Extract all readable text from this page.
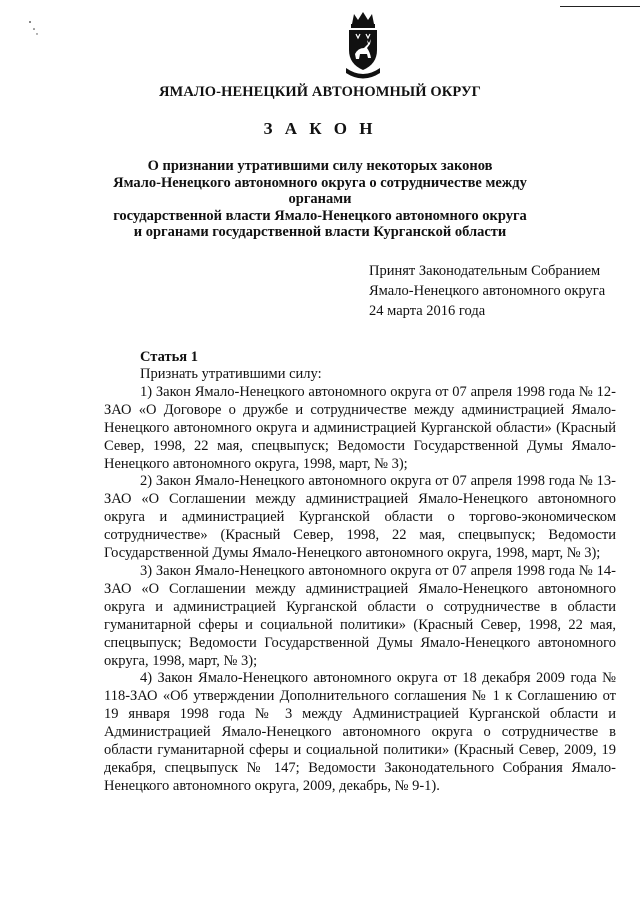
ЯМАЛО-НЕНЕЦКИЙ АВТОНОМНЫЙ ОКРУГ
З А К О Н
О признании утратившими силу некоторых законов
Ямало-Ненецкого автономного округа о сотрудничестве между органами
государственной власти Ямало-Ненецкого автономного округа
и органами государственной власти Курганской области
Принят Законодательным Собранием
Ямало-Ненецкого автономного округа
24 марта 2016 года
Статья 1

Признать утратившими силу:

1) Закон Ямало-Ненецкого автономного округа от 07 апреля 1998 года № 12-ЗАО «О Договоре о дружбе и сотрудничестве между администрацией Ямало-Ненецкого автономного округа и администрацией Курганской области» (Красный Север, 1998, 22 мая, спецвыпуск; Ведомости Государственной Думы Ямало-Ненецкого автономного округа, 1998, март, № 3);

2) Закон Ямало-Ненецкого автономного округа от 07 апреля 1998 года № 13-ЗАО «О Соглашении между администрацией Ямало-Ненецкого автономного округа и администрацией Курганской области о торгово-экономическом сотрудничестве» (Красный Север, 1998, 22 мая, спецвыпуск; Ведомости Государственной Думы Ямало-Ненецкого автономного округа, 1998, март, № 3);

3) Закон Ямало-Ненецкого автономного округа от 07 апреля 1998 года № 14-ЗАО «О Соглашении между администрацией Ямало-Ненецкого автономного округа и администрацией Курганской области о сотрудничестве в области гуманитарной сферы и социальной политики» (Красный Север, 1998, 22 мая, спецвыпуск; Ведомости Государственной Думы Ямало-Ненецкого автономного округа, 1998, март, № 3);

4) Закон Ямало-Ненецкого автономного округа от 18 декабря 2009 года № 118-ЗАО «Об утверждении Дополнительного соглашения № 1 к Соглашению от 19 января 1998 года № 3 между Администрацией Курганской области и Администрацией Ямало-Ненецкого автономного округа о сотрудничестве в области гуманитарной сферы и социальной политики» (Красный Север, 2009, 19 декабря, спецвыпуск № 147; Ведомости Законодательного Собрания Ямало-Ненецкого автономного округа, 2009, декабрь, № 9-1).
